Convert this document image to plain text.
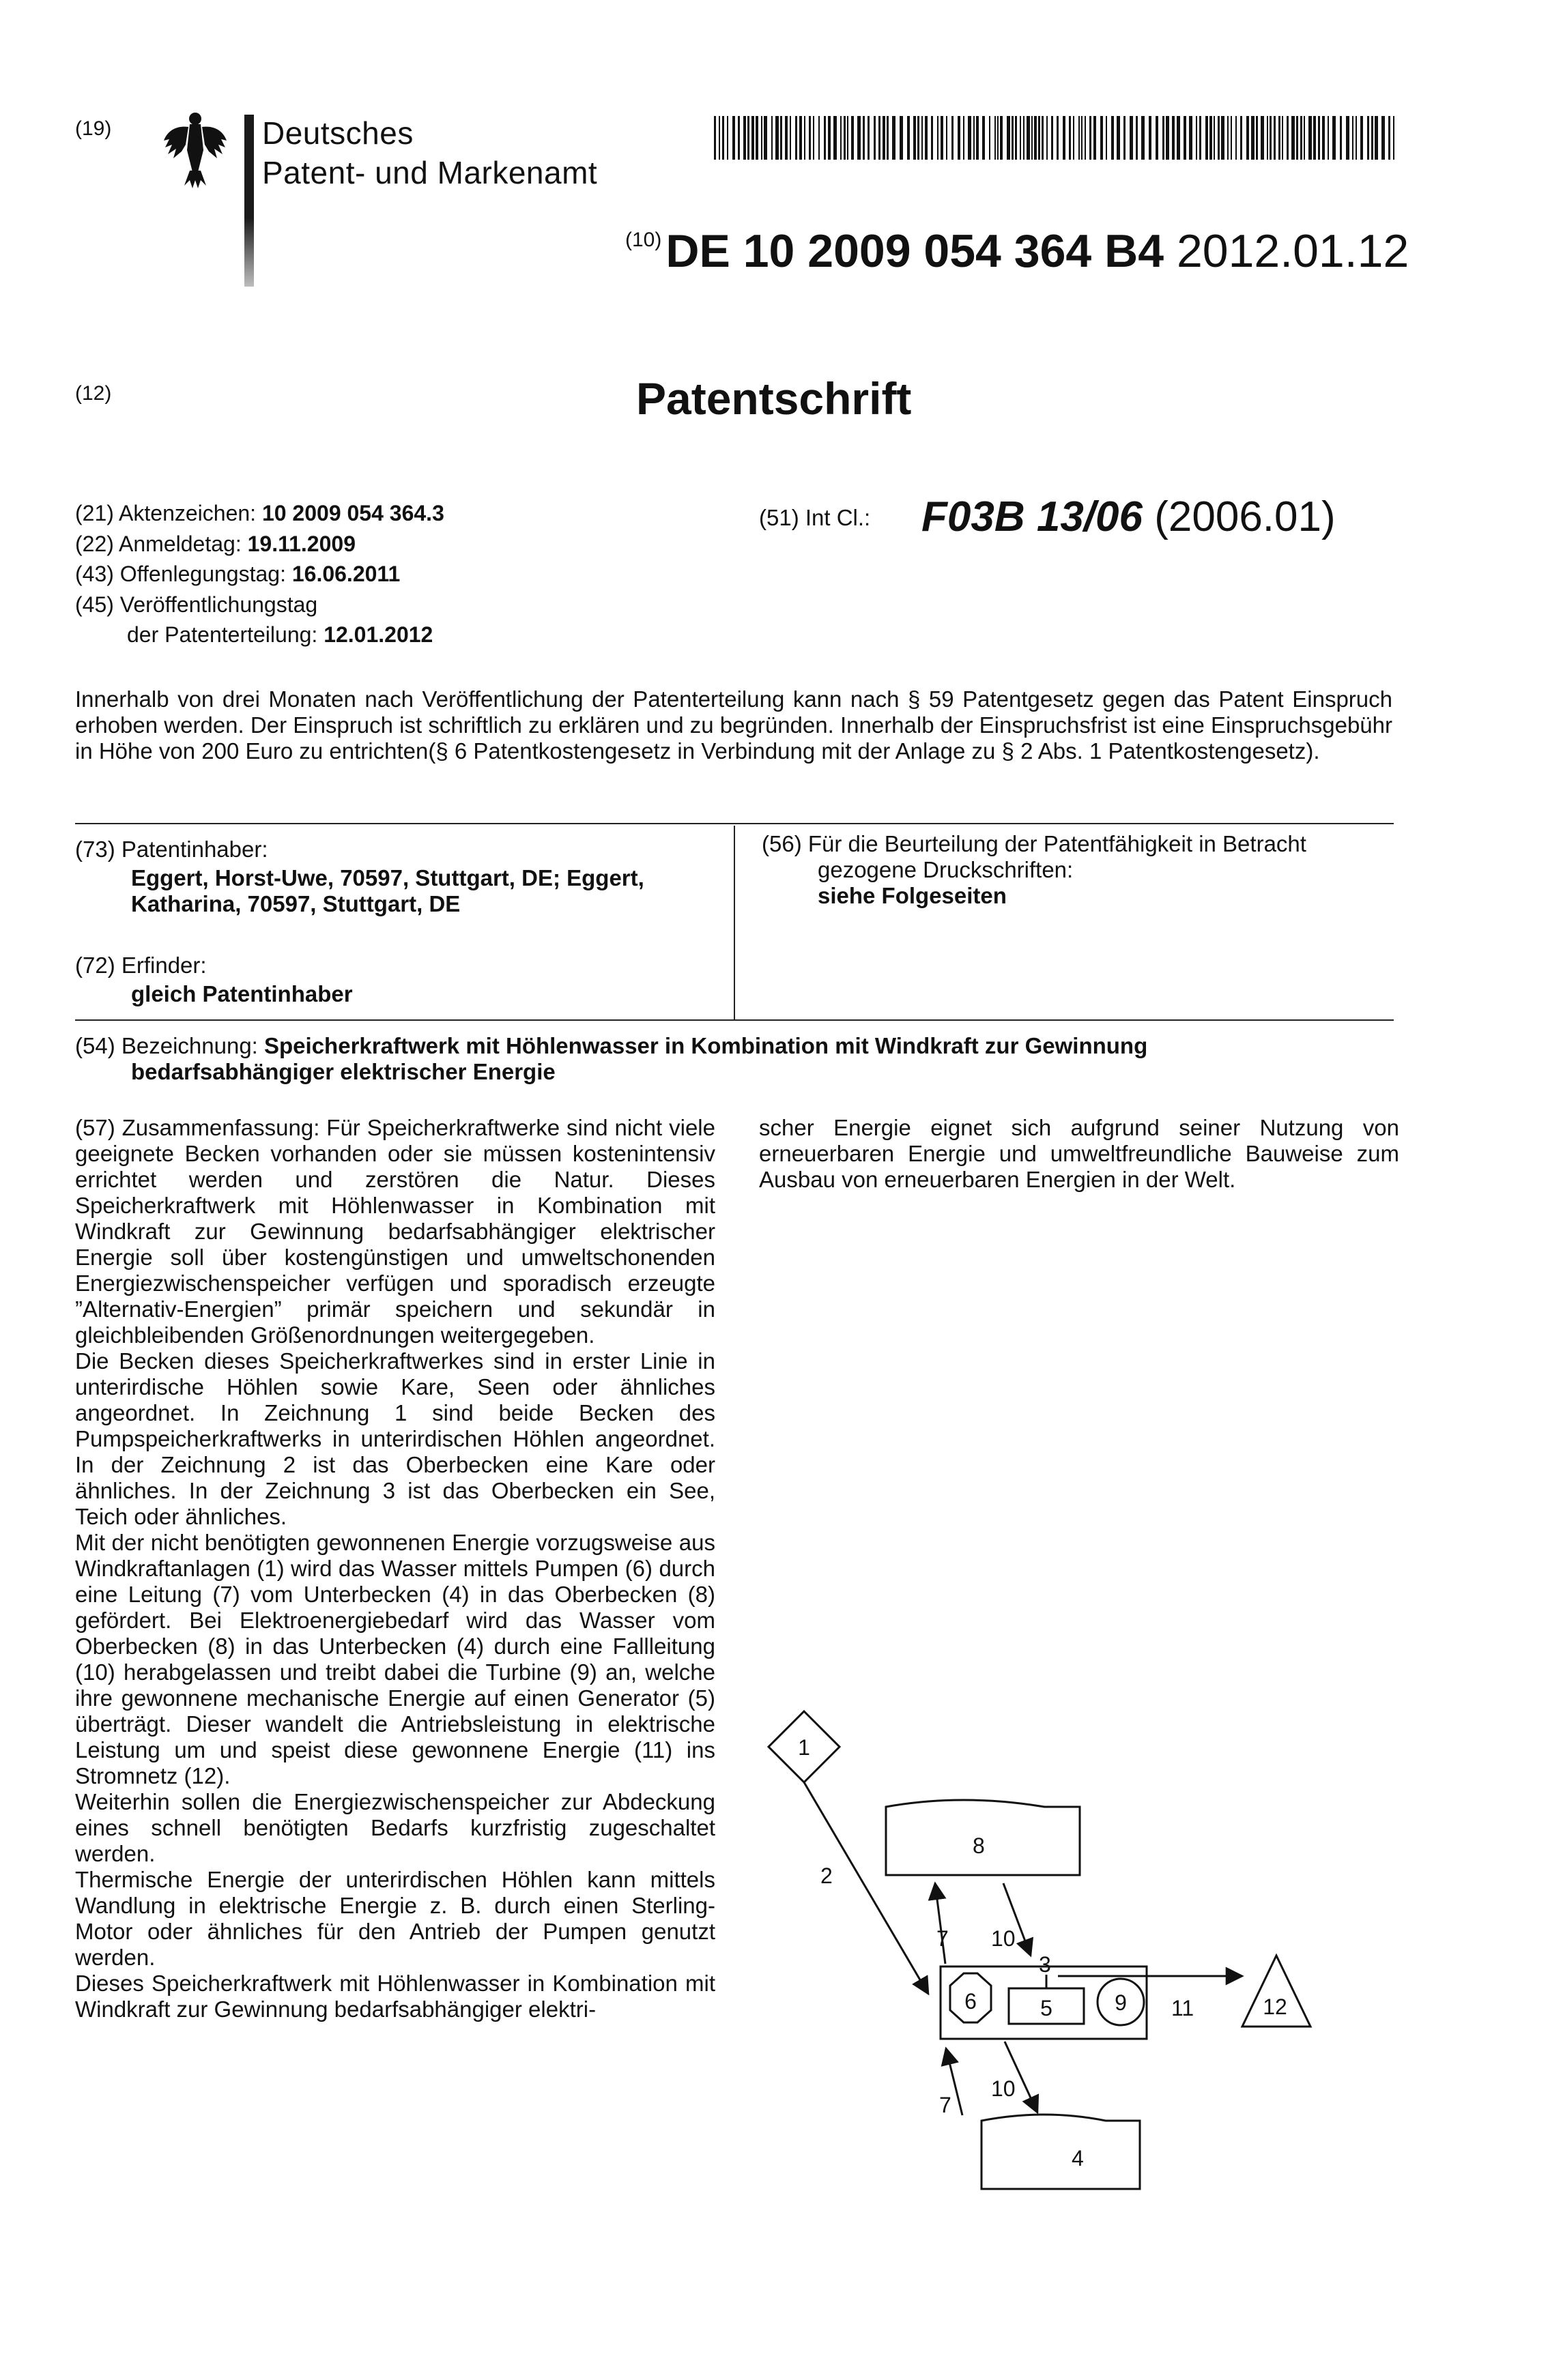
(19)	Deutsches
Patent- und Markenamt
$^{(10)}$DE 10 2009 054 364 B4 2012.01.12
(12)	Patentschrift
(21) Aktenzeichen: 10 2009 054 364.3
(22) Anmeldetag: 19.11.2009
(43) Offenlegungstag: 16.06.2011
(45) Veröffentlichungstag
der Patenterteilung: 12.01.2012
(51) Int Cl.: F03B 13/06 (2006.01)
Innerhalb von drei Monaten nach Veröffentlichung der Patenterteilung kann nach § 59 Patentgesetz gegen das Patent Einspruch erhoben werden. Der Einspruch ist schriftlich zu erklären und zu begründen. Innerhalb der Einspruchsfrist ist eine Einspruchsgebühr in Höhe von 200 Euro zu entrichten(§ 6 Patentkostengesetz in Verbindung mit der Anlage zu § 2 Abs. 1 Patentkostengesetz).
(73) Patentinhaber:
Eggert, Horst-Uwe, 70597, Stuttgart, DE; Eggert, Katharina, 70597, Stuttgart, DE
(72) Erfinder:
gleich Patentinhaber
(56) Für die Beurteilung der Patentfähigkeit in Betracht
gezogene Druckschriften:
siehe Folgeseiten
(54) Bezeichnung: Speicherkraftwerk mit Höhlenwasser in Kombination mit Windkraft zur Gewinnung
bedarfsabhängiger elektrischer Energie

(57) Zusammenfassung: Für Speicherkraftwerke sind nicht viele geeignete Becken vorhanden oder sie müssen kostenintensiv errichtet werden und zerstören die Natur. Dieses Speicherkraftwerk mit Höhlenwasser in Kombination mit Windkraft zur Gewinnung bedarfsabhängiger elektrischer Energie soll über kostengünstigen und umweltschonenden Energiezwischenspeicher verfügen und sporadisch erzeugte ”Alternativ-Energien” primär speichern und sekundär in gleichbleibenden Größenordnungen weitergegeben.

Die Becken dieses Speicherkraftwerkes sind in erster Linie in unterirdische Höhlen sowie Kare, Seen oder ähnliches angeordnet. In Zeichnung 1 sind beide Becken des Pumpspeicherkraftwerks in unterirdischen Höhlen angeordnet. In der Zeichnung 2 ist das Oberbecken eine Kare oder ähnliches. In der Zeichnung 3 ist das Oberbecken ein See, Teich oder ähnliches.

Mit der nicht benötigten gewonnenen Energie vorzugsweise aus Windkraftanlagen (1) wird das Wasser mittels Pumpen (6) durch eine Leitung (7) vom Unterbecken (4) in das Oberbecken (8) gefördert. Bei Elektroenergiebedarf wird das Wasser vom Oberbecken (8) in das Unterbecken (4) durch eine Fallleitung (10) herabgelassen und treibt dabei die Turbine (9) an, welche ihre gewonnene mechanische Energie auf einen Generator (5) überträgt. Dieser wandelt die Antriebsleistung in elektrische Leistung um und speist diese gewonnene Energie (11) ins Stromnetz (12).

Weiterhin sollen die Energiezwischenspeicher zur Abdeckung eines schnell benötigten Bedarfs kurzfristig zugeschaltet werden.

Thermische Energie der unterirdischen Höhlen kann mittels Wandlung in elektrische Energie z. B. durch einen Sterling-Motor oder ähnliches für den Antrieb der Pumpen genutzt werden.

Dieses Speicherkraftwerk mit Höhlenwasser in Kombination mit Windkraft zur Gewinnung bedarfsabhängiger elektri-

scher Energie eignet sich aufgrund seiner Nutzung von erneuerbaren Energie und umweltfreundliche Bauweise zum Ausbau von erneuerbaren Energien in der Welt.
1
2
8
7 10
6	5
3
9 11	12
7
10
4
